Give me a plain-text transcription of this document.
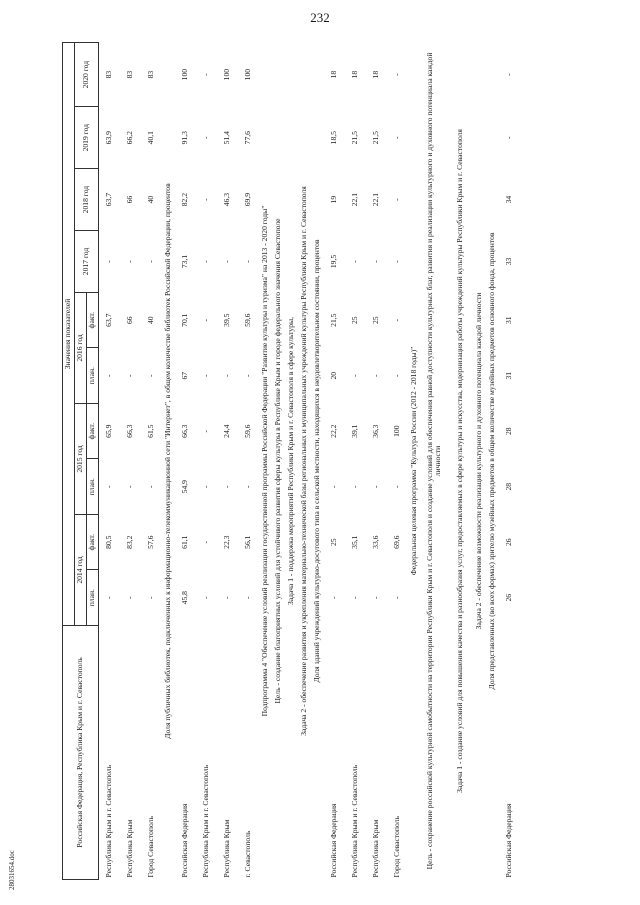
232
28031654.doc
Российская Федерация, Республика Крым и г. Севастополь	Значения показателей									
	2014 год		2015 год		2016 год		2017 год	2018 год	2019 год	2020 год
	план.	факт.	план.	факт.	план.	факт.				
Республика Крым и г. Севастополь	-	80,5	-	65,9	-	63,7	-	63,7	63,9	83
Республика Крым	-	83,2	-	66,3	-	66	-	66	66,2	83
Город Севастополь	-	57,6	-	61,5	-	40	-	40	40,1	83
Доля публичных библиотек, подключенных к информационно-телекоммуникационной сети "Интернет", в общем количестве библиотек Российской Федерации, процентов										
Российская Федерация	45,8	61,1	54,9	66,3	67	70,1	73,1	82,2	91,3	100
Республика Крым и г. Севастополь	-	-	-	-	-	-	-	-	-	-
Республика Крым	-	22,3	-	24,4	-	39,5	-	46,3	51,4	100
г. Севастополь	-	56,1	-	59,6	-	59,6	-	69,9	77,6	100
Подпрограмма 4 "Обеспечение условий реализации государственной программы Российской Федерации "Развитие культуры и туризма" на 2013 - 2020 годы"										
Цель - создание благоприятных условий для устойчивого развития сферы культуры в Республике Крым и городе федерального значения Севастополе										
Задача 1 - поддержка мероприятий Республики Крым и г. Севастополя в сфере культуры,										
Задача 2 - обеспечение развития и укрепления материально-технической базы региональных и муниципальных учреждений культуры Республики Крым и г. Севастополя										
Доля зданий учреждений культурно-досугового типа в сельской местности, находящихся в неудовлетворительном состоянии, процентов										
Российская Федерация	-	25	-	22,2	20	21,5	19,5	19	18,5	18
Республика Крым и г. Севастополь	-	35,1	-	39,1	-	25	-	22,1	21,5	18
Республика Крым	-	33,6	-	36,3	-	25	-	22,1	21,5	18
Город Севастополь	-	69,6	-	100	-	-	-	-	-	-
Федеральная целевая программа "Культура России (2012 - 2018 годы)"										
Цель - сохранение российской культурной самобытности на территории Республики Крым и г. Севастополя и создание условий для обеспечения равной доступности культурных благ, развития и реализации культурного и духовного потенциала каждой личности										
Задача 1 - создание условий для повышения качества и разнообразия услуг, предоставляемых в сфере культуры и искусства, модернизация работы учреждений культуры Республики Крым и г. Севастополя										
Задача 2 - обеспечение возможности реализации культурного и духовного потенциала каждой личности										
Доля представленных (во всех формах) зрителю музейных предметов в общем количестве музейных предметов основного фонда, процентов										
Российская Федерация	26	26	28	28	31	31	33	34	-	-
